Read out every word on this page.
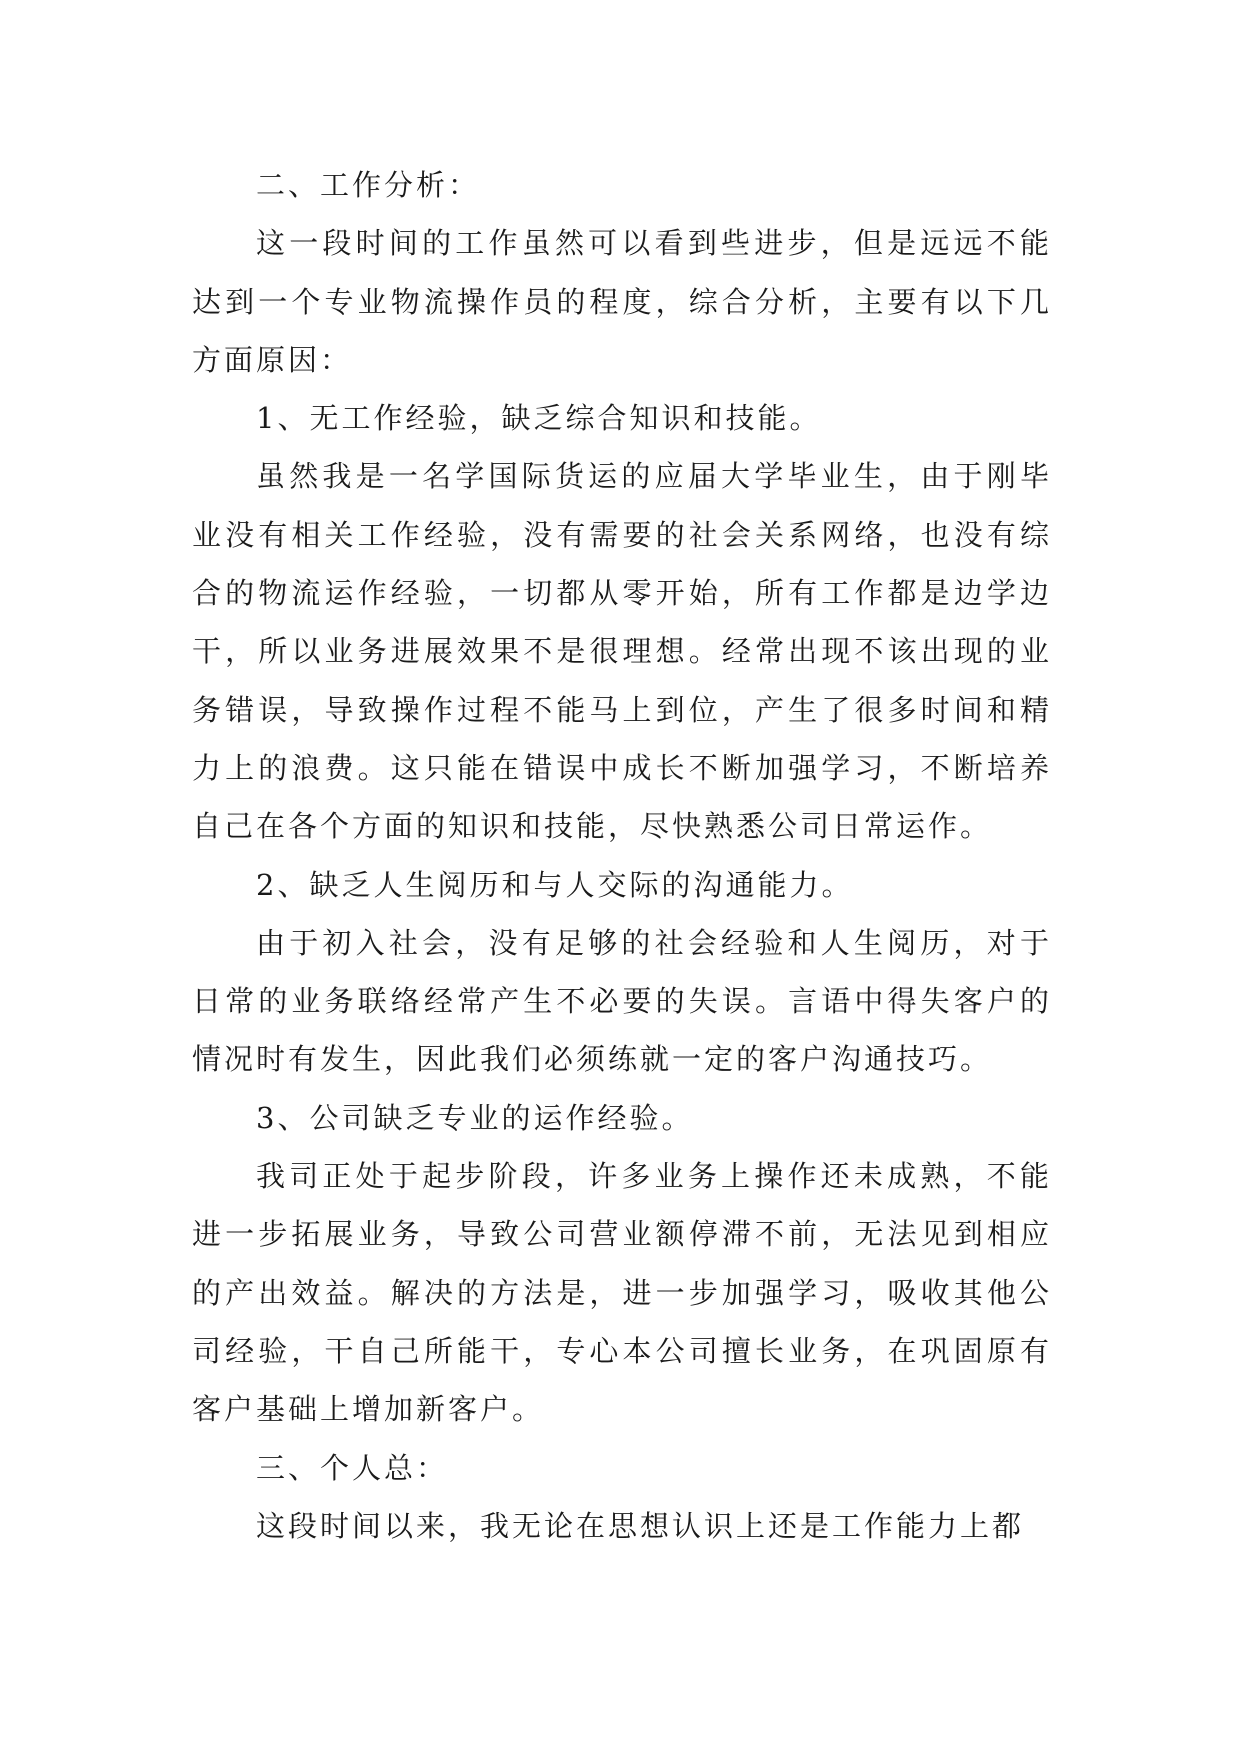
二、工作分析：

这一段时间的工作虽然可以看到些进步，但是远远不能达到一个专业物流操作员的程度，综合分析，主要有以下几方面原因：

1、无工作经验，缺乏综合知识和技能。

虽然我是一名学国际货运的应届大学毕业生，由于刚毕业没有相关工作经验，没有需要的社会关系网络，也没有综合的物流运作经验，一切都从零开始，所有工作都是边学边干，所以业务进展效果不是很理想。经常出现不该出现的业务错误，导致操作过程不能马上到位，产生了很多时间和精力上的浪费。这只能在错误中成长不断加强学习，不断培养自己在各个方面的知识和技能，尽快熟悉公司日常运作。

2、缺乏人生阅历和与人交际的沟通能力。

由于初入社会，没有足够的社会经验和人生阅历，对于日常的业务联络经常产生不必要的失误。言语中得失客户的情况时有发生，因此我们必须练就一定的客户沟通技巧。

3、公司缺乏专业的运作经验。

我司正处于起步阶段，许多业务上操作还未成熟，不能进一步拓展业务，导致公司营业额停滞不前，无法见到相应的产出效益。解决的方法是，进一步加强学习，吸收其他公司经验，干自己所能干，专心本公司擅长业务，在巩固原有客户基础上增加新客户。

三、个人总：

这段时间以来，我无论在思想认识上还是工作能力上都
